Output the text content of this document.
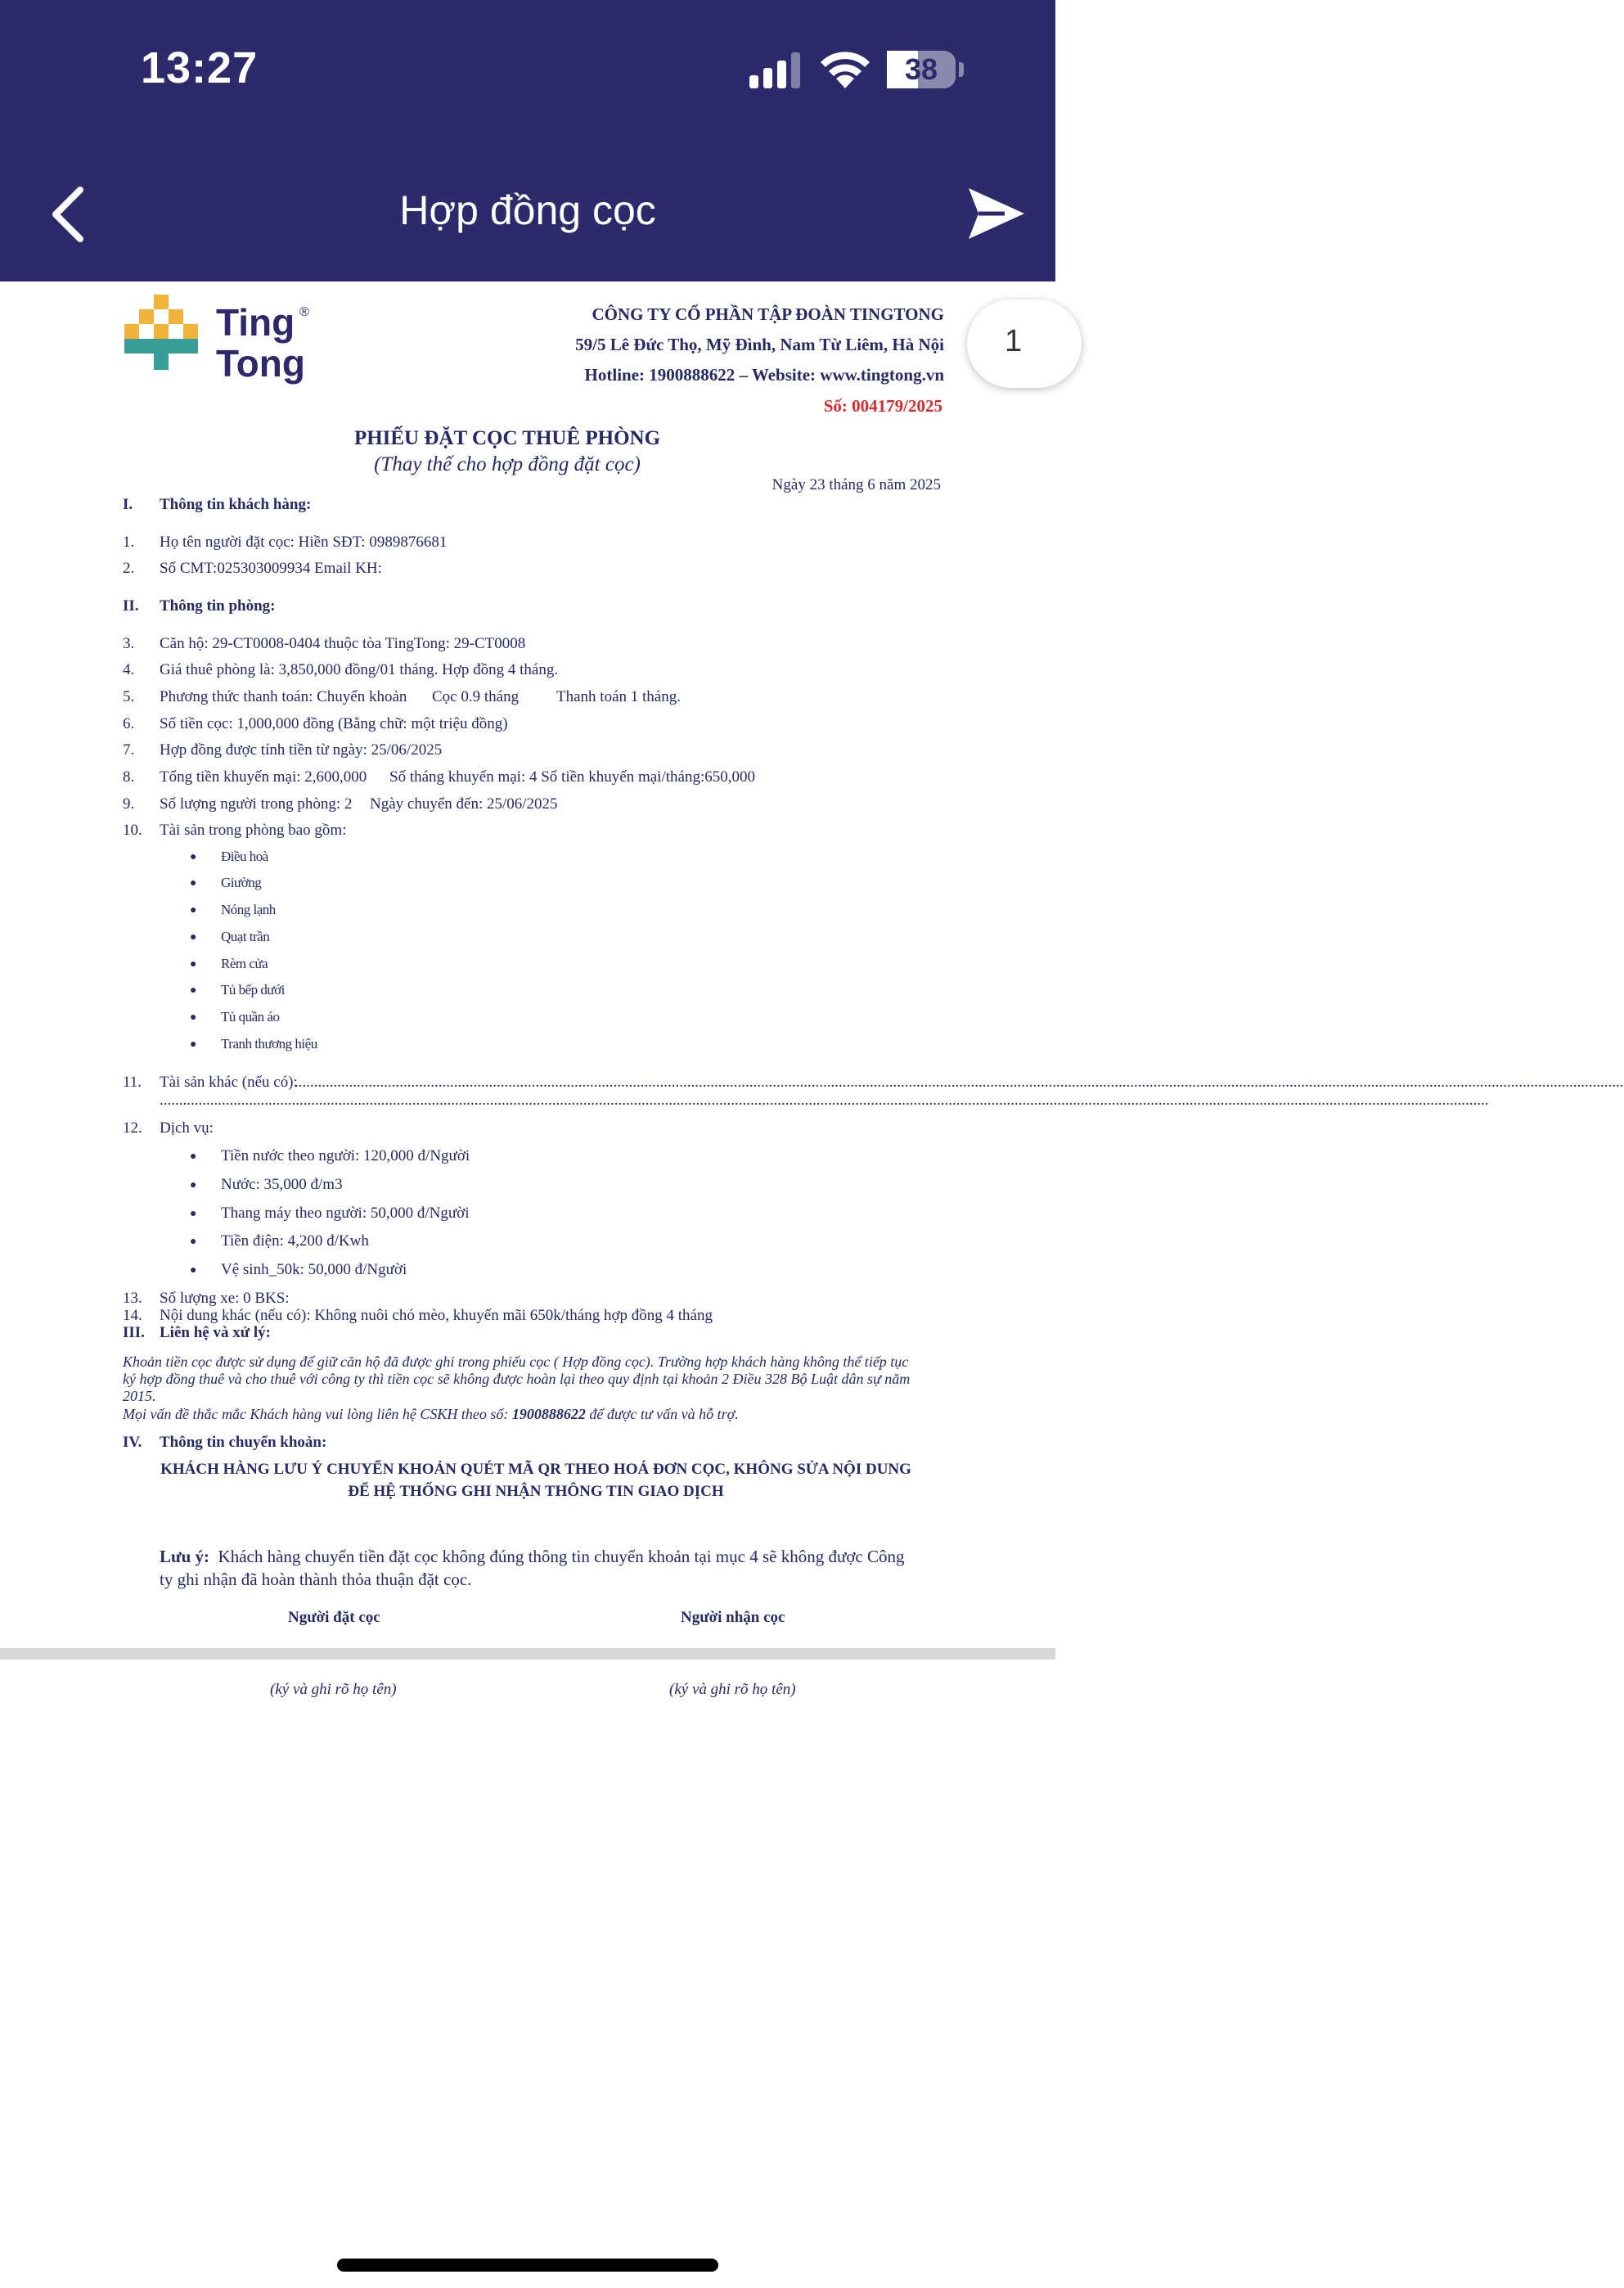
13:27	38
Hợp đồng cọc
Ting ®
Tong
CÔNG TY CỔ PHẦN TẬP ĐOÀN TINGTONG
59/5 Lê Đức Thọ, Mỹ Đình, Nam Từ Liêm, Hà Nội
Hotline: 1900888622 – Website: www.tingtong.vn
Số: 004179/2025
1
PHIẾU ĐẶT CỌC THUÊ PHÒNG
(Thay thế cho hợp đồng đặt cọc)
Ngày 23 tháng 6 năm 2025
I. Thông tin khách hàng:
1. Họ tên người đặt cọc: Hiền SĐT: 0989876681
2. Số CMT:025303009934 Email KH:
II. Thông tin phòng:
3. Căn hộ: 29-CT0008-0404 thuộc tòa TingTong: 29-CT0008
4. Giá thuê phòng là: 3,850,000 đồng/01 tháng. Hợp đồng 4 tháng.
5. Phương thức thanh toán: Chuyển khoản Cọc 0.9 tháng Thanh toán 1 tháng.
6. Số tiền cọc: 1,000,000 đồng (Bằng chữ: một triệu đồng)
7. Hợp đồng được tính tiền từ ngày: 25/06/2025
8. Tổng tiền khuyến mại: 2,600,000 Số tháng khuyến mại: 4 Số tiền khuyến mại/tháng:650,000
9. Số lượng người trong phòng: 2 Ngày chuyển đến: 25/06/2025
10. Tài sản trong phòng bao gồm:
● Điều hoà
● Giường
● Nóng lạnh
● Quạt trần
● Rèm cửa
● Tủ bếp dưới
● Tủ quần áo
● Tranh thương hiệu
11. Tài sản khác (nếu có):
......................................................................................................................................................................................................................................................................................................................................................
......................................................................................................................................................................................................................................................................................................................................................
12. Dịch vụ:
● Tiền nước theo người: 120,000 đ/Người
● Nước: 35,000 đ/m3
● Thang máy theo người: 50,000 đ/Người
● Tiền điện: 4,200 đ/Kwh
● Vệ sinh_50k: 50,000 đ/Người
13. Số lượng xe: 0 BKS:
14. Nội dung khác (nếu có): Không nuôi chó mèo, khuyến mãi 650k/tháng hợp đồng 4 tháng
III. Liên hệ và xử lý:
Khoản tiền cọc được sử dụng để giữ căn hộ đã được ghi trong phiếu cọc ( Hợp đồng cọc). Trường hợp khách hàng không thể tiếp tục ký hợp đồng thuê và cho thuê với công ty thì tiền cọc sẽ không được hoàn lại theo quy định tại khoản 2 Điều 328 Bộ Luật dân sự năm 2015.
Mọi vấn đề thắc mắc Khách hàng vui lòng liên hệ CSKH theo số: 1900888622 để được tư vấn và hỗ trợ.
IV. Thông tin chuyển khoản:
KHÁCH HÀNG LƯU Ý CHUYỂN KHOẢN QUÉT MÃ QR THEO HOÁ ĐƠN CỌC, KHÔNG SỬA NỘI DUNG
ĐỂ HỆ THỐNG GHI NHẬN THÔNG TIN GIAO DỊCH
Lưu ý: Khách hàng chuyển tiền đặt cọc không đúng thông tin chuyển khoản tại mục 4 sẽ không được Công ty ghi nhận đã hoàn thành thỏa thuận đặt cọc.
Người đặt cọc	Người nhận cọc
(ký và ghi rõ họ tên)	(ký và ghi rõ họ tên)
